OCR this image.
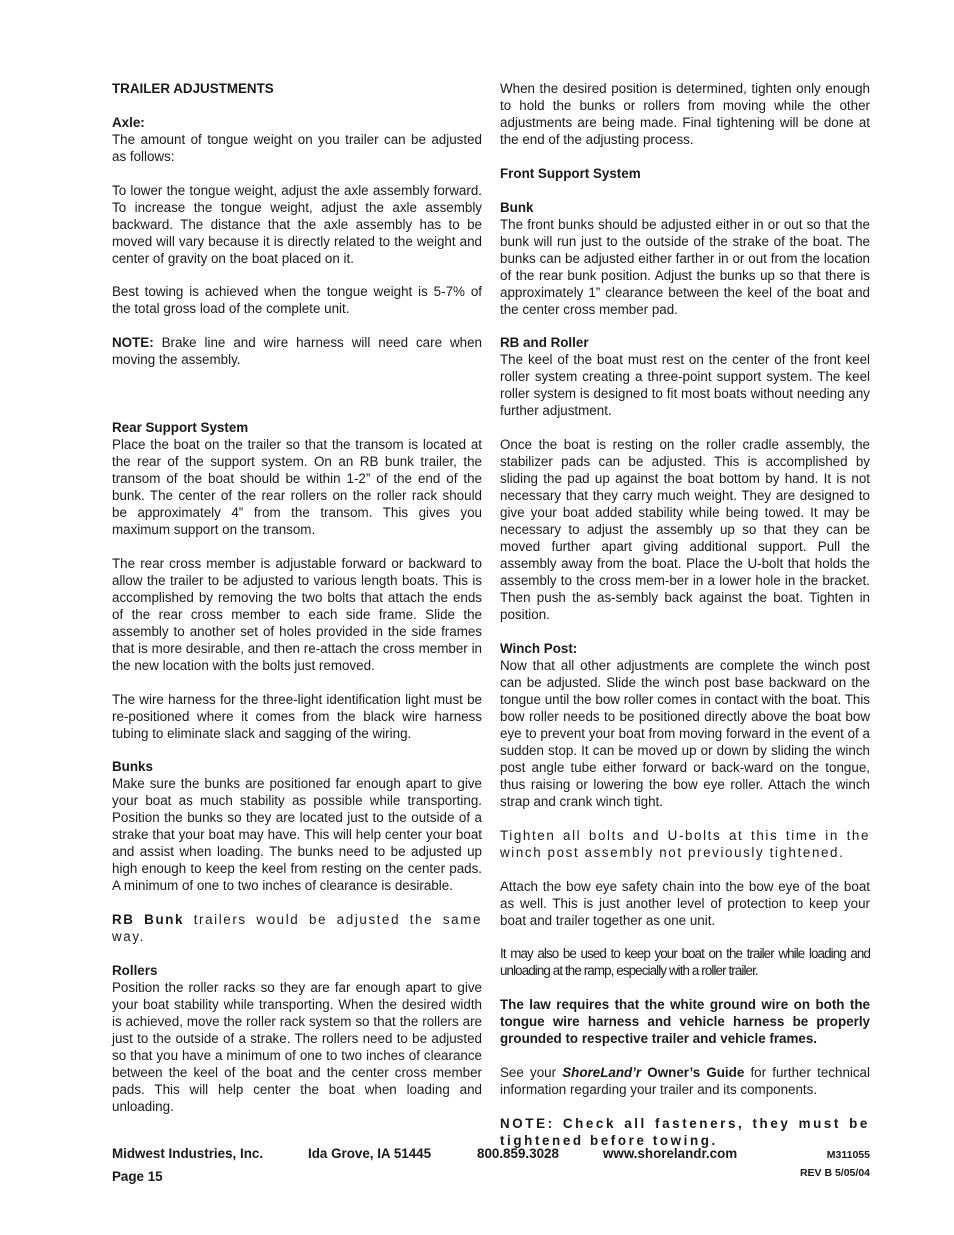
TRAILER ADJUSTMENTS

Axle:
The amount of tongue weight on you trailer can be adjusted as follows:

To lower the tongue weight, adjust the axle assembly forward. To increase the tongue weight, adjust the axle assembly backward. The distance that the axle assembly has to be moved will vary because it is directly related to the weight and center of gravity on the boat placed on it.

Best towing is achieved when the tongue weight is 5-7% of the total gross load of the complete unit.

NOTE: Brake line and wire harness will need care when moving the assembly.

Rear Support System
Place the boat on the trailer so that the transom is located at the rear of the support system. On an RB bunk trailer, the transom of the boat should be within 1-2” of the end of the bunk. The center of the rear rollers on the roller rack should be approximately 4” from the transom. This gives you maximum support on the transom.

The rear cross member is adjustable forward or backward to allow the trailer to be adjusted to various length boats. This is accomplished by removing the two bolts that attach the ends of the rear cross member to each side frame. Slide the assembly to another set of holes provided in the side frames that is more desirable, and then re-attach the cross member in the new location with the bolts just removed.

The wire harness for the three-light identification light must be re-positioned where it comes from the black wire harness tubing to eliminate slack and sagging of the wiring.

Bunks
Make sure the bunks are positioned far enough apart to give your boat as much stability as possible while transporting. Position the bunks so they are located just to the outside of a strake that your boat may have. This will help center your boat and assist when loading. The bunks need to be adjusted up high enough to keep the keel from resting on the center pads. A minimum of one to two inches of clearance is desirable.

RB Bunk trailers would be adjusted the same way.

Rollers
Position the roller racks so they are far enough apart to give your boat stability while transporting. When the desired width is achieved, move the roller rack system so that the rollers are just to the outside of a strake. The rollers need to be adjusted so that you have a minimum of one to two inches of clearance between the keel of the boat and the center cross member pads. This will help center the boat when loading and unloading.

When the desired position is determined, tighten only enough to hold the bunks or rollers from moving while the other adjustments are being made. Final tightening will be done at the end of the adjusting process.

Front Support System

Bunk
The front bunks should be adjusted either in or out so that the bunk will run just to the outside of the strake of the boat. The bunks can be adjusted either farther in or out from the location of the rear bunk position. Adjust the bunks up so that there is approximately 1” clearance between the keel of the boat and the center cross member pad.

RB and Roller
The keel of the boat must rest on the center of the front keel roller system creating a three-point support system. The keel roller system is designed to fit most boats without needing any further adjustment.

Once the boat is resting on the roller cradle assembly, the stabilizer pads can be adjusted. This is accomplished by sliding the pad up against the boat bottom by hand. It is not necessary that they carry much weight. They are designed to give your boat added stability while being towed. It may be necessary to adjust the assembly up so that they can be moved further apart giving additional support. Pull the assembly away from the boat. Place the U-bolt that holds the assembly to the cross mem-ber in a lower hole in the bracket. Then push the as-sembly back against the boat. Tighten in position.

Winch Post:
Now that all other adjustments are complete the winch post can be adjusted. Slide the winch post base backward on the tongue until the bow roller comes in contact with the boat. This bow roller needs to be positioned directly above the boat bow eye to prevent your boat from moving forward in the event of a sudden stop. It can be moved up or down by sliding the winch post angle tube either forward or back-ward on the tongue, thus raising or lowering the bow eye roller. Attach the winch strap and crank winch tight.

Tighten all bolts and U-bolts at this time in the winch post assembly not previously tightened.

Attach the bow eye safety chain into the bow eye of the boat as well. This is just another level of protection to keep your boat and trailer together as one unit.

It may also be used to keep your boat on the trailer while loading and unloading at the ramp, especially with a roller trailer.

The law requires that the white ground wire on both the tongue wire harness and vehicle harness be properly grounded to respective trailer and vehicle frames.

See your ShoreLand’r Owner’s Guide for further technical information regarding your trailer and its components.

NOTE: Check all fasteners, they must be tightened before towing.

Midwest Industries, Inc.	Ida Grove, IA 51445	800.859.3028	www.shorelandr.com	M311055
Page 15	REV B 5/05/04
